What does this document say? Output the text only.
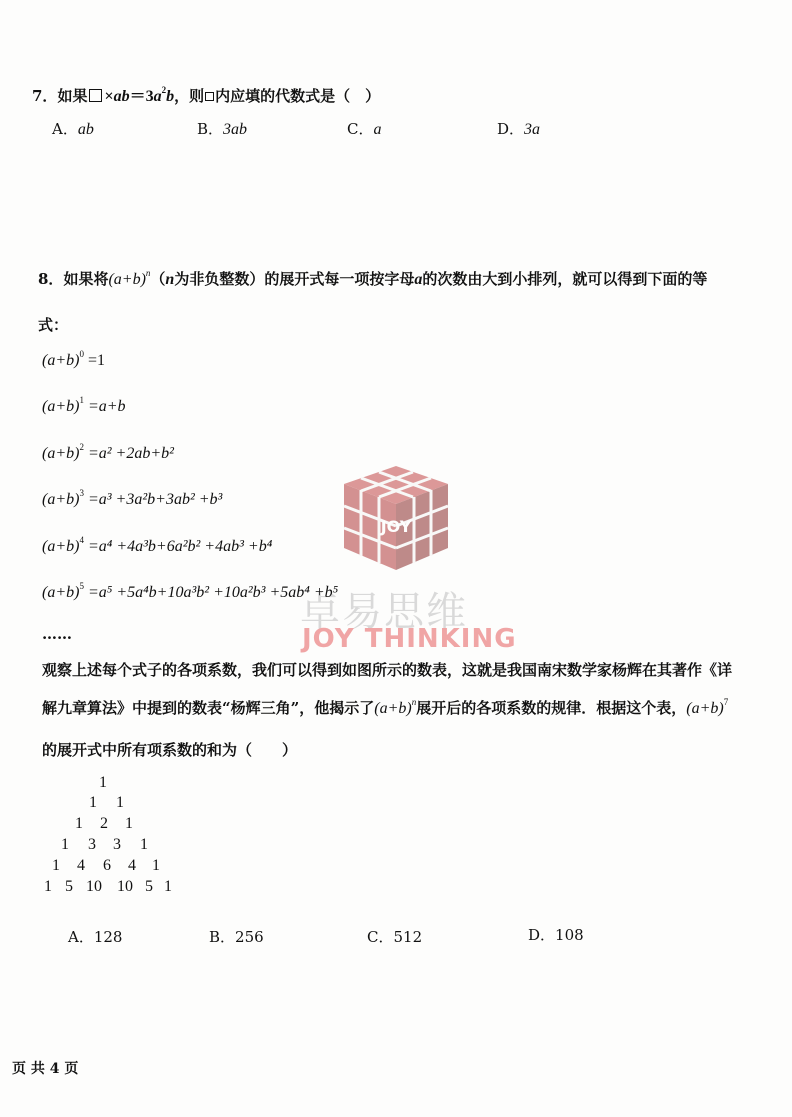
JOY
卓易思维
JOY THINKING
7．如果 $\times ab=3a^2b$，则 内应填的代数式是（　）
A．ab	B．3ab	C．a	D．3a
8．如果将$(a+b)^n(n$为非负整数）的展开式每一项按字母a的次数由大到小排列，就可以得到下面的等
式：
$(a+b)^0 =1$
$(a+b)^1 =a+b$
$(a+b)^2 =a^2 +2ab+b^2$
$(a+b)^3 =a^3 +3a^2b+3ab^2 +b^3$
$(a+b)^4 =a^4 +4a^3b+6a^2b^2 +4ab^3 +b^4$
$(a+b)^5 =a^5 +5a^4b+10a^3b^2 +10a^2b^3 +5ab^4 +b^5$
……
观察上述每个式子的各项系数，我们可以得到如图所示的数表，这就是我国南宋数学家杨辉在其著作《详
解九章算法》中提到的数表“杨辉三角”，他揭示了$(a+b)^n$展开后的各项系数的规律．根据这个表，$(a+b)^7$
的展开式中所有项系数的和为（　　）
1
1 1
1 2 1
1 3 3 1
1 4 6 4 1
1 5 10 10 5 1
A．128	B．256	C．512	D．108
页 共 4 页
